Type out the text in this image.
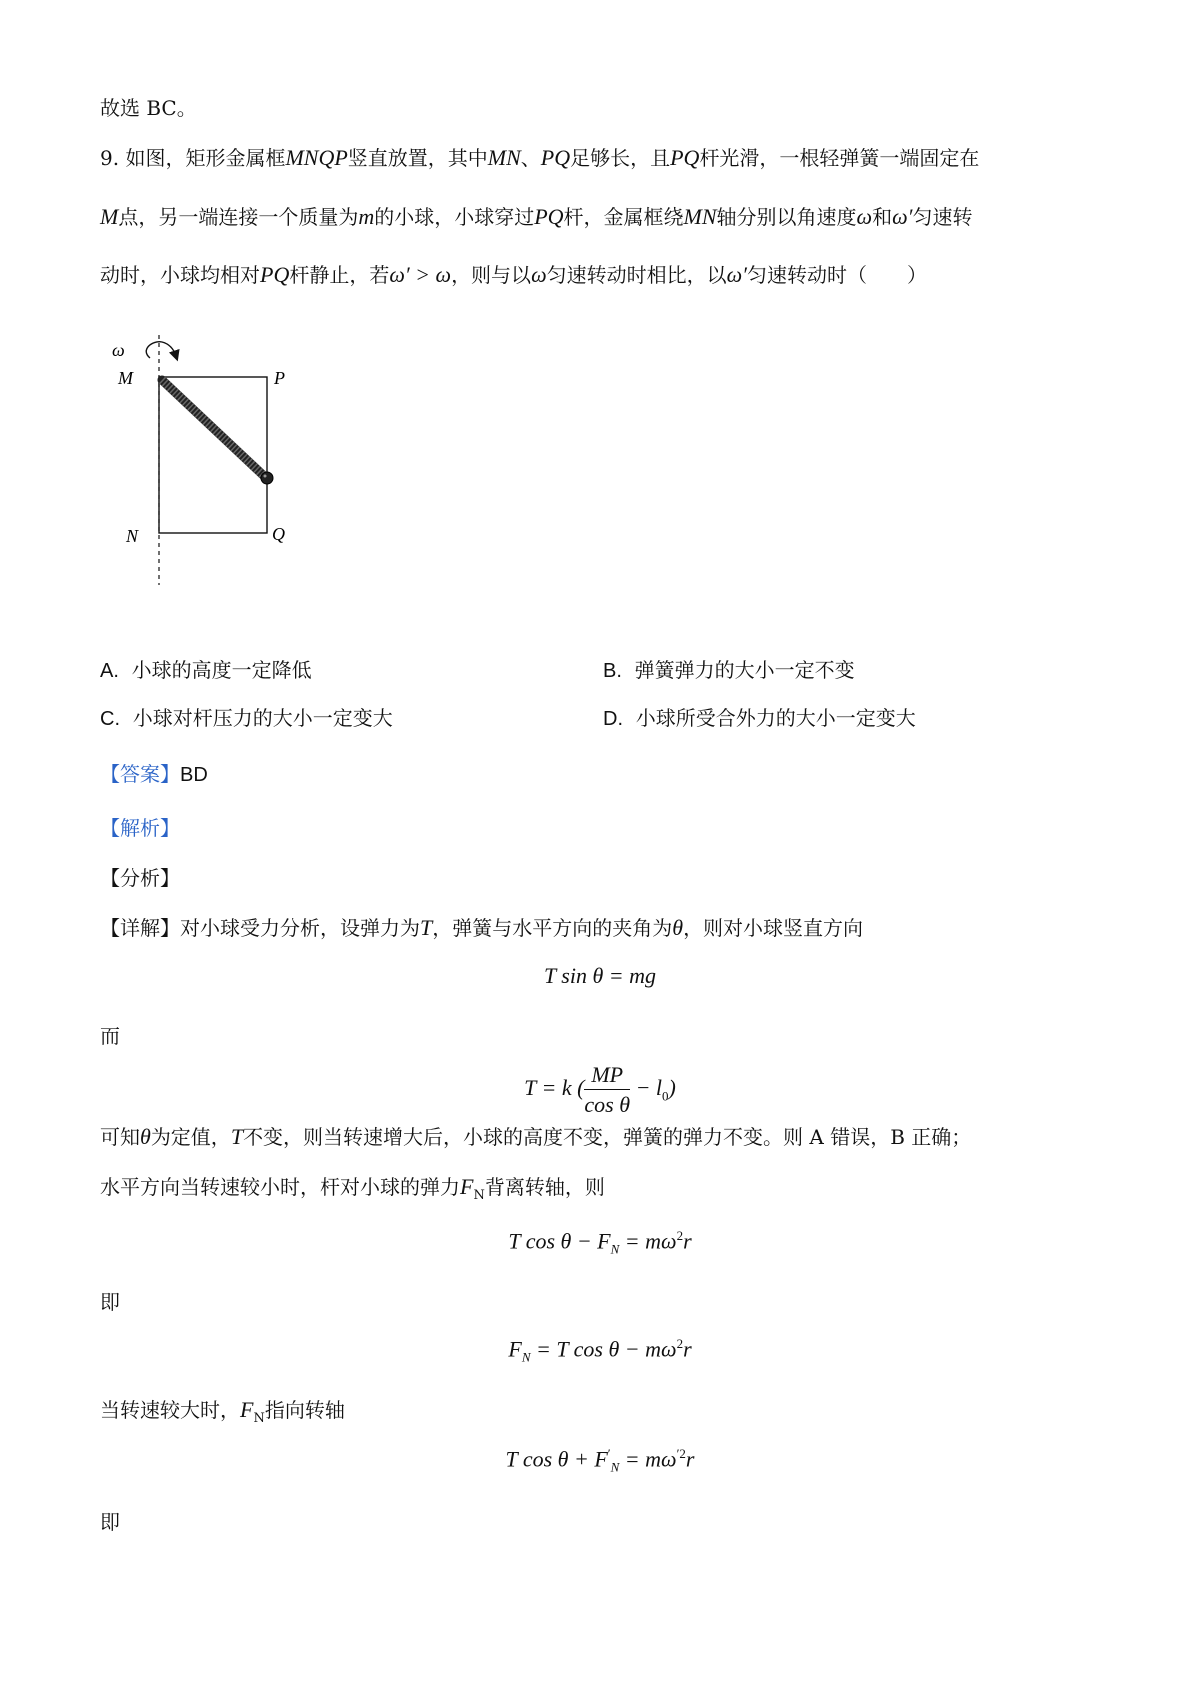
故选 BC。
9. 如图，矩形金属框MNQP竖直放置，其中MN、PQ足够长，且PQ杆光滑，一根轻弹簧一端固定在
M点，另一端连接一个质量为m的小球，小球穿过PQ杆，金属框绕MN轴分别以角速度ω和ω′匀速转
动时，小球均相对PQ杆静止，若ω′ > ω，则与以ω匀速转动时相比，以ω′匀速转动时（　　）
ω
M	P
N	Q
A. 小球的高度一定降低	B. 弹簧弹力的大小一定不变
C. 小球对杆压力的大小一定变大	D. 小球所受合外力的大小一定变大
【答案】BD
【解析】
【分析】
【详解】对小球受力分析，设弹力为T，弹簧与水平方向的夹角为θ，则对小球竖直方向
T sin θ = mg
而
T = k ( $\frac{MP}{\text{cos θ}} - l_0$)
可知θ为定值，T不变，则当转速增大后，小球的高度不变，弹簧的弹力不变。则 A 错误，B 正确；
水平方向当转速较小时，杆对小球的弹力$F_N$背离转轴，则
T $\cos \theta - F_N = m\omega^2r$
即
$F_N = T$ $\cos \theta - m\omega^2r$
当转速较大时，$F_N$指向转轴
T $\cos \theta + F'_N = m\omega^{'2}r$
即
